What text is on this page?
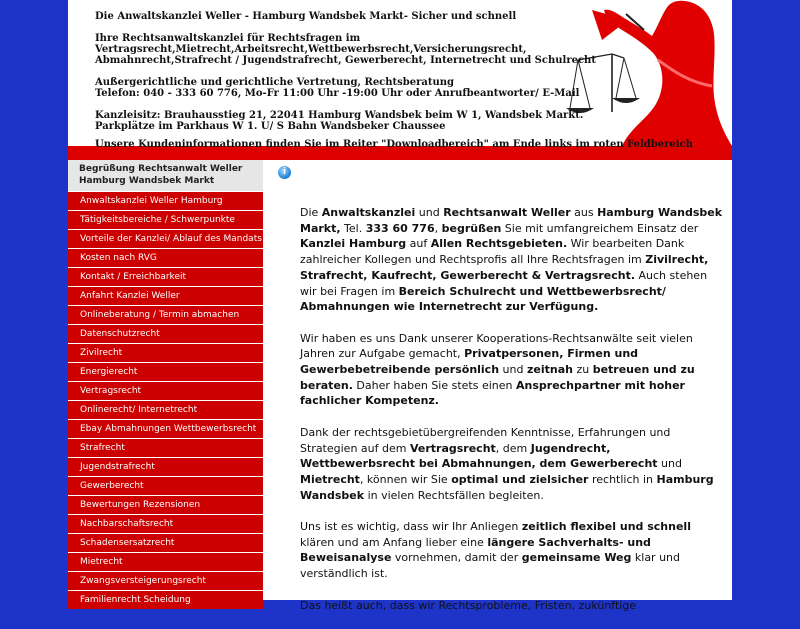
Die Anwaltskanzlei Weller - Hamburg Wandsbek Markt- Sicher und schnell

Ihre Rechtsanwaltskanzlei für Rechtsfragen im Vertragsrecht,Mietrecht,Arbeitsrecht,Wettbewerbsrecht,Versicherungsrecht,
Abmahnrecht,Strafrecht / Jugendstrafrecht, Gewerberecht, Internetrecht und Schulrecht

Außergerichtliche und gerichtliche Vertretung, Rechtsberatung
Telefon: 040 - 333 60 776, Mo-Fr 11:00 Uhr -19:00 Uhr oder Anrufbeantworter/ E-Mail

Kanzleisitz: Brauhausstieg 21, 22041 Hamburg Wandsbek beim W 1, Wandsbek Markt.
Parkplätze im Parkhaus W 1. U/ S Bahn Wandsbeker Chaussee

Unsere Kundeninformationen finden Sie im Reiter "Downloadbereich" am Ende links im roten Feldbereich

Begrüßung Rechtsanwalt Weller Hamburg Wandsbek Markt
Anwaltskanzlei Weller Hamburg
Tätigkeitsbereiche / Schwerpunkte
Vorteile der Kanzlei/ Ablauf des Mandats
Kosten nach RVG
Kontakt / Erreichbarkeit
Anfahrt Kanzlei Weller
Onlineberatung / Termin abmachen
Datenschutzrecht
Zivilrecht
Energierecht
Vertragsrecht
Onlinerecht/ Internetrecht
Ebay Abmahnungen Wettbewerbsrecht
Strafrecht
Jugendstrafrecht
Gewerberecht
Bewertungen Rezensionen
Nachbarschaftsrecht
Schadensersatzrecht
Mietrecht
Zwangsversteigerungsrecht
Familienrecht Scheidung
i

Die Anwaltskanzlei und Rechtsanwalt Weller aus Hamburg Wandsbek Markt, Tel. 333 60 776, begrüßen Sie mit umfangreichem Einsatz der Kanzlei Hamburg auf Allen Rechtsgebieten. Wir bearbeiten Dank zahlreicher Kollegen und Rechtsprofis all Ihre Rechtsfragen im Zivilrecht, Strafrecht, Kaufrecht, Gewerberecht & Vertragsrecht. Auch stehen wir bei Fragen im Bereich Schulrecht und Wettbewerbsrecht/ Abmahnungen wie Internetrecht zur Verfügung.

Wir haben es uns Dank unserer Kooperations-Rechtsanwälte seit vielen Jahren zur Aufgabe gemacht, Privatpersonen, Firmen und Gewerbebetreibende persönlich und zeitnah zu betreuen und zu beraten. Daher haben Sie stets einen Ansprechpartner mit hoher fachlicher Kompetenz.

Dank der rechtsgebietübergreifenden Kenntnisse, Erfahrungen und Strategien auf dem Vertragsrecht, dem Jugendrecht, Wettbewerbsrecht bei Abmahnungen, dem Gewerberecht und Mietrecht, können wir Sie optimal und zielsicher rechtlich in Hamburg Wandsbek in vielen Rechtsfällen begleiten.

Uns ist es wichtig, dass wir Ihr Anliegen zeitlich flexibel und schnell klären und am Anfang lieber eine längere Sachverhalts- und Beweisanalyse vornehmen, damit der gemeinsame Weg klar und verständlich ist.

Das heißt auch, dass wir Rechtsprobleme, Fristen, zukünftige
